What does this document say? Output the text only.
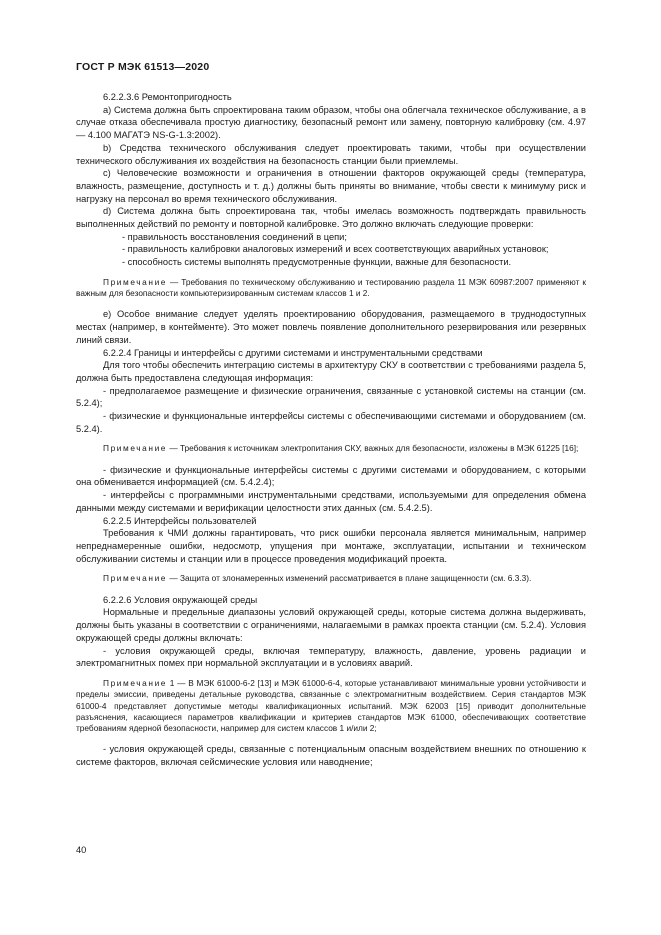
ГОСТ Р МЭК 61513—2020

6.2.2.3.6 Ремонтопригодность

a) Система должна быть спроектирована таким образом, чтобы она облегчала техническое обслуживание, а в случае отказа обеспечивала простую диагностику, безопасный ремонт или замену, повторную калибровку (см. 4.97 — 4.100 МАГАТЭ NS-G-1.3:2002).

b) Средства технического обслуживания следует проектировать такими, чтобы при осуществлении технического обслуживания их воздействия на безопасность станции были приемлемы.

c) Человеческие возможности и ограничения в отношении факторов окружающей среды (температура, влажность, размещение, доступность и т. д.) должны быть приняты во внимание, чтобы свести к минимуму риск и нагрузку на персонал во время технического обслуживания.

d) Система должна быть спроектирована так, чтобы имелась возможность подтверждать правильность выполненных действий по ремонту и повторной калибровке. Это должно включать следующие проверки:

- правильность восстановления соединений в цепи;

- правильность калибровки аналоговых измерений и всех соответствующих аварийных установок;

- способность системы выполнять предусмотренные функции, важные для безопасности.

Примечание — Требования по техническому обслуживанию и тестированию раздела 11 МЭК 60987:2007 применяют к важным для безопасности компьютеризированным системам классов 1 и 2.

e) Особое внимание следует уделять проектированию оборудования, размещаемого в труднодоступных местах (например, в контейменте). Это может повлечь появление дополнительного резервирования или резервных линий связи.

6.2.2.4 Границы и интерфейсы с другими системами и инструментальными средствами

Для того чтобы обеспечить интеграцию системы в архитектуру СКУ в соответствии с требованиями раздела 5, должна быть предоставлена следующая информация:

- предполагаемое размещение и физические ограничения, связанные с установкой системы на станции (см. 5.2.4);

- физические и функциональные интерфейсы системы с обеспечивающими системами и оборудованием (см. 5.2.4).

Примечание — Требования к источникам электропитания СКУ, важных для безопасности, изложены в МЭК 61225 [16];

- физические и функциональные интерфейсы системы с другими системами и оборудованием, с которыми она обменивается информацией (см. 5.4.2.4);

- интерфейсы с программными инструментальными средствами, используемыми для определения обмена данными между системами и верификации целостности этих данных (см. 5.4.2.5).

6.2.2.5 Интерфейсы пользователей

Требования к ЧМИ должны гарантировать, что риск ошибки персонала является минимальным, например непреднамеренные ошибки, недосмотр, упущения при монтаже, эксплуатации, испытании и техническом обслуживании системы и станции или в процессе проведения модификаций проекта.

Примечание — Защита от злонамеренных изменений рассматривается в плане защищенности (см. 6.3.3).

6.2.2.6 Условия окружающей среды

Нормальные и предельные диапазоны условий окружающей среды, которые система должна выдерживать, должны быть указаны в соответствии с ограничениями, налагаемыми в рамках проекта станции (см. 5.2.4). Условия окружающей среды должны включать:

- условия окружающей среды, включая температуру, влажность, давление, уровень радиации и электромагнитных помех при нормальной эксплуатации и в условиях аварий.

Примечание 1 — В МЭК 61000-6-2 [13] и МЭК 61000-6-4, которые устанавливают минимальные уровни устойчивости и пределы эмиссии, приведены детальные руководства, связанные с электромагнитным воздействием. Серия стандартов МЭК 61000-4 представляет допустимые методы квалификационных испытаний. МЭК 62003 [15] приводит дополнительные разъяснения, касающиеся параметров квалификации и критериев стандартов МЭК 61000, обеспечивающих соответствие требованиям ядерной безопасности, например для систем классов 1 и/или 2;

- условия окружающей среды, связанные с потенциальным опасным воздействием внешних по отношению к системе факторов, включая сейсмические условия или наводнение;

40
